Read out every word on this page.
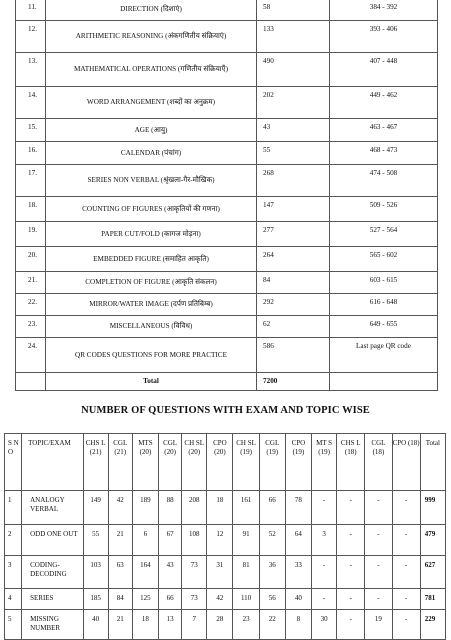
11.	DIRECTION (दिशाएं)	58	384 - 392
12.	ARITHMETIC REASONING (अंकगणितीय संक्रियाएं)	133	393 - 406
13.	MATHEMATICAL OPERATIONS (गणितीय संक्रियाएँ)	490	407 - 448
14.	WORD ARRANGEMENT (शब्दों का अनुक्रम)	202	449 - 462
15.	AGE (आयु)	43	463 - 467
16.	CALENDAR (पंचांग)	55	468 - 473
17.	SERIES NON VERBAL (श्रृंखला-गैर-मौखिक)	268	474 - 508
18.	COUNTING OF FIGURES (आकृतियों की गणना)	147	509 - 526
19.	PAPER CUT/FOLD (कागज मोड़ना)	277	527 - 564
20.	EMBEDDED FIGURE (समाहित आकृति)	264	565 - 602
21.	COMPLETION OF FIGURE (आकृति संकलन)	84	603 - 615
22.	MIRROR/WATER IMAGE (दर्पण प्रतिबिम्ब)	292	616 - 648
23.	MISCELLANEOUS (विविध)	62	649 - 655
24.	QR CODES QUESTIONS FOR MORE PRACTICE	586	Last page QR code
	Total	7200	
NUMBER OF QUESTIONS WITH EXAM AND TOPIC WISE
S N O	TOPIC/EXAM	CHS L (21)	CGL (21)	MTS (20)	CGL (20)	CH SL (20)	CPO (20)	CH SL (19)	CGL (19)	CPO (19)	MT S (19)	CHS L (18)	CGL (18)	CPO (18)	Total
1	ANALOGY VERBAL	149	42	189	88	208	18	161	66	78	-	-	-	-	999
2	ODD ONE OUT	55	21	6	67	108	12	91	52	64	3	-	-	-	479
3	CODING-DECODING	103	63	164	43	73	31	81	36	33	-	-	-	-	627
4	SERIES	185	84	125	66	73	42	110	56	40	-	-	-	-	781
5	MISSING NUMBER	40	21	18	13	7	28	23	22	8	30	-	19	-	229
